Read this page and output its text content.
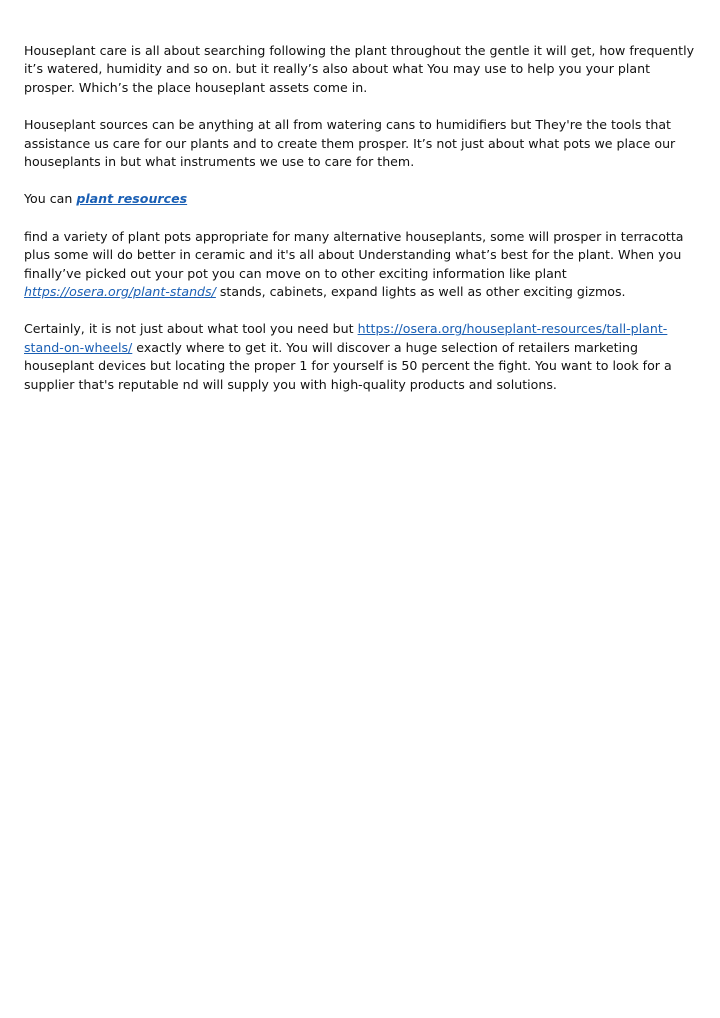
Houseplant care is all about searching following the plant throughout the gentle it will get, how frequently it’s watered, humidity and so on. but it really’s also about what You may use to help you your plant prosper. Which’s the place houseplant assets come in.

Houseplant sources can be anything at all from watering cans to humidifiers but They're the tools that assistance us care for our plants and to create them prosper. It’s not just about what pots we place our houseplants in but what instruments we use to care for them.

You can plant resources

find a variety of plant pots appropriate for many alternative houseplants, some will prosper in terracotta plus some will do better in ceramic and it's all about Understanding what’s best for the plant. When you finally’ve picked out your pot you can move on to other exciting information like plant https://osera.org/plant-stands/ stands, cabinets, expand lights as well as other exciting gizmos.

Certainly, it is not just about what tool you need but https://osera.org/houseplant-resources/tall-plant-stand-on-wheels/ exactly where to get it. You will discover a huge selection of retailers marketing houseplant devices but locating the proper 1 for yourself is 50 percent the fight. You want to look for a supplier that's reputable nd will supply you with high-quality products and solutions.
